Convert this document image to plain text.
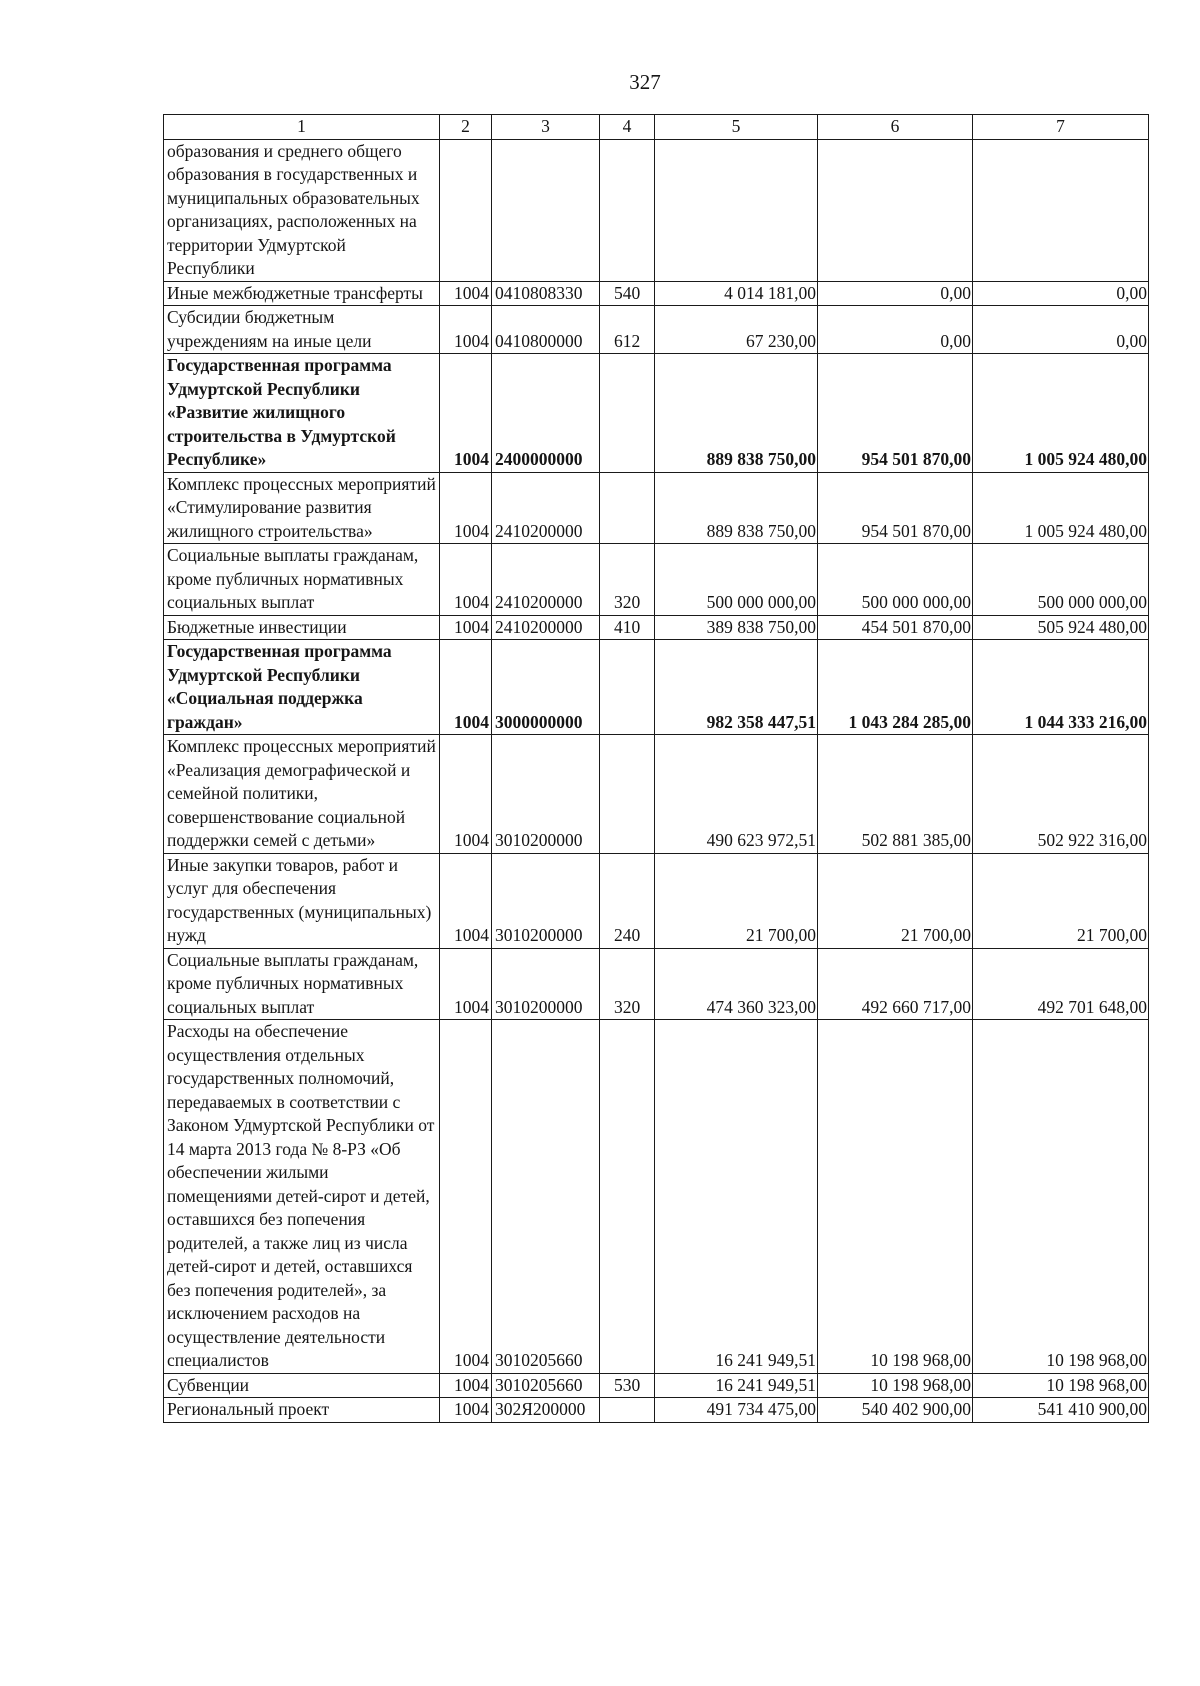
327
1	2	3	4	5	6	7
образования и среднего общего образования в государственных и муниципальных образовательных организациях, расположенных на территории Удмуртской Республики						
Иные межбюджетные трансферты	1004	0410808330	540	4 014 181,00	0,00	0,00
Субсидии бюджетным учреждениям на иные цели	1004	0410800000	612	67 230,00	0,00	0,00
Государственная программа Удмуртской Республики «Развитие жилищного строительства в Удмуртской Республике»	1004	2400000000		889 838 750,00	954 501 870,00	1 005 924 480,00
Комплекс процессных мероприятий «Стимулирование развития жилищного строительства»	1004	2410200000		889 838 750,00	954 501 870,00	1 005 924 480,00
Социальные выплаты гражданам, кроме публичных нормативных социальных выплат	1004	2410200000	320	500 000 000,00	500 000 000,00	500 000 000,00
Бюджетные инвестиции	1004	2410200000	410	389 838 750,00	454 501 870,00	505 924 480,00
Государственная программа Удмуртской Республики «Социальная поддержка граждан»	1004	3000000000		982 358 447,51	1 043 284 285,00	1 044 333 216,00
Комплекс процессных мероприятий «Реализация демографической и семейной политики, совершенствование социальной поддержки семей с детьми»	1004	3010200000		490 623 972,51	502 881 385,00	502 922 316,00
Иные закупки товаров, работ и услуг для обеспечения государственных (муниципальных) нужд	1004	3010200000	240	21 700,00	21 700,00	21 700,00
Социальные выплаты гражданам, кроме публичных нормативных социальных выплат	1004	3010200000	320	474 360 323,00	492 660 717,00	492 701 648,00
Расходы на обеспечение осуществления отдельных государственных полномочий, передаваемых в соответствии с Законом Удмуртской Республики от 14 марта 2013 года № 8-РЗ «Об обеспечении жилыми помещениями детей-сирот и детей, оставшихся без попечения родителей, а также лиц из числа детей-сирот и детей, оставшихся без попечения родителей», за исключением расходов на осуществление деятельности специалистов	1004	3010205660		16 241 949,51	10 198 968,00	10 198 968,00
Субвенции	1004	3010205660	530	16 241 949,51	10 198 968,00	10 198 968,00
Региональный проект	1004	302Я200000		491 734 475,00	540 402 900,00	541 410 900,00
